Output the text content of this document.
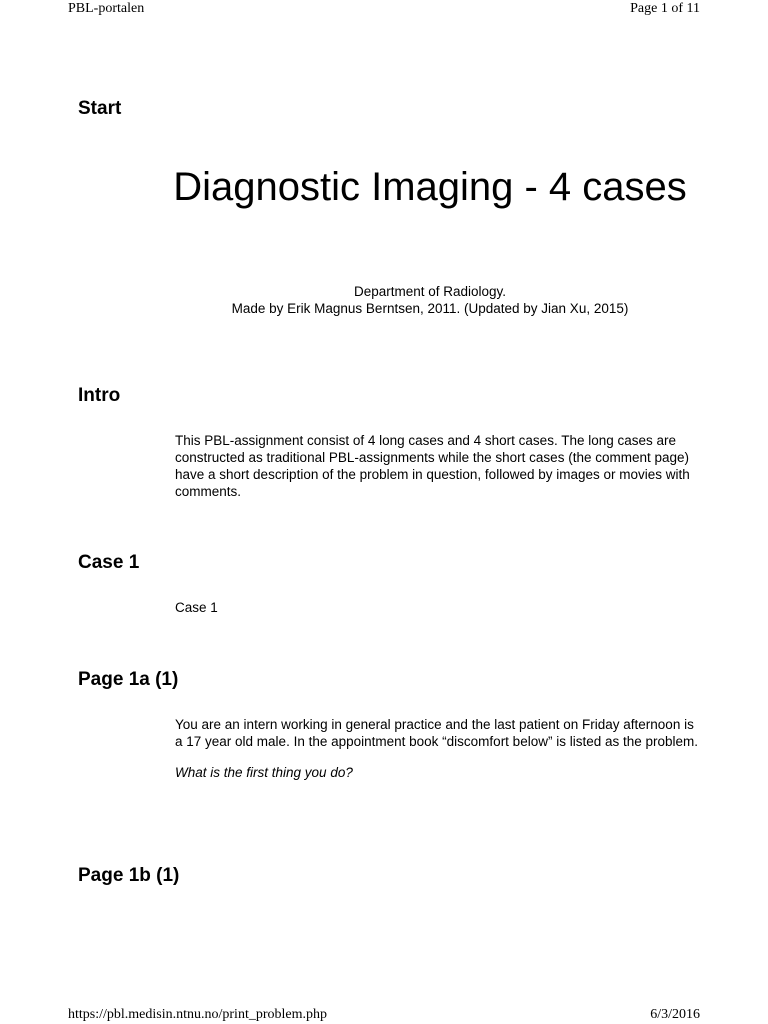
PBL-portalen	Page 1 of 11
Start
Diagnostic Imaging - 4 cases
Department of Radiology.
Made by Erik Magnus Berntsen, 2011. (Updated by Jian Xu, 2015)
Intro

This PBL-assignment consist of 4 long cases and 4 short cases. The long cases are constructed as traditional PBL-assignments while the short cases (the comment page) have a short description of the problem in question, followed by images or movies with comments.

Case 1

Case 1

Page 1a (1)

You are an intern working in general practice and the last patient on Friday afternoon is a 17 year old male. In the appointment book “discomfort below” is listed as the problem.

What is the first thing you do?

Page 1b (1)
https://pbl.medisin.ntnu.no/print_problem.php	6/3/2016
